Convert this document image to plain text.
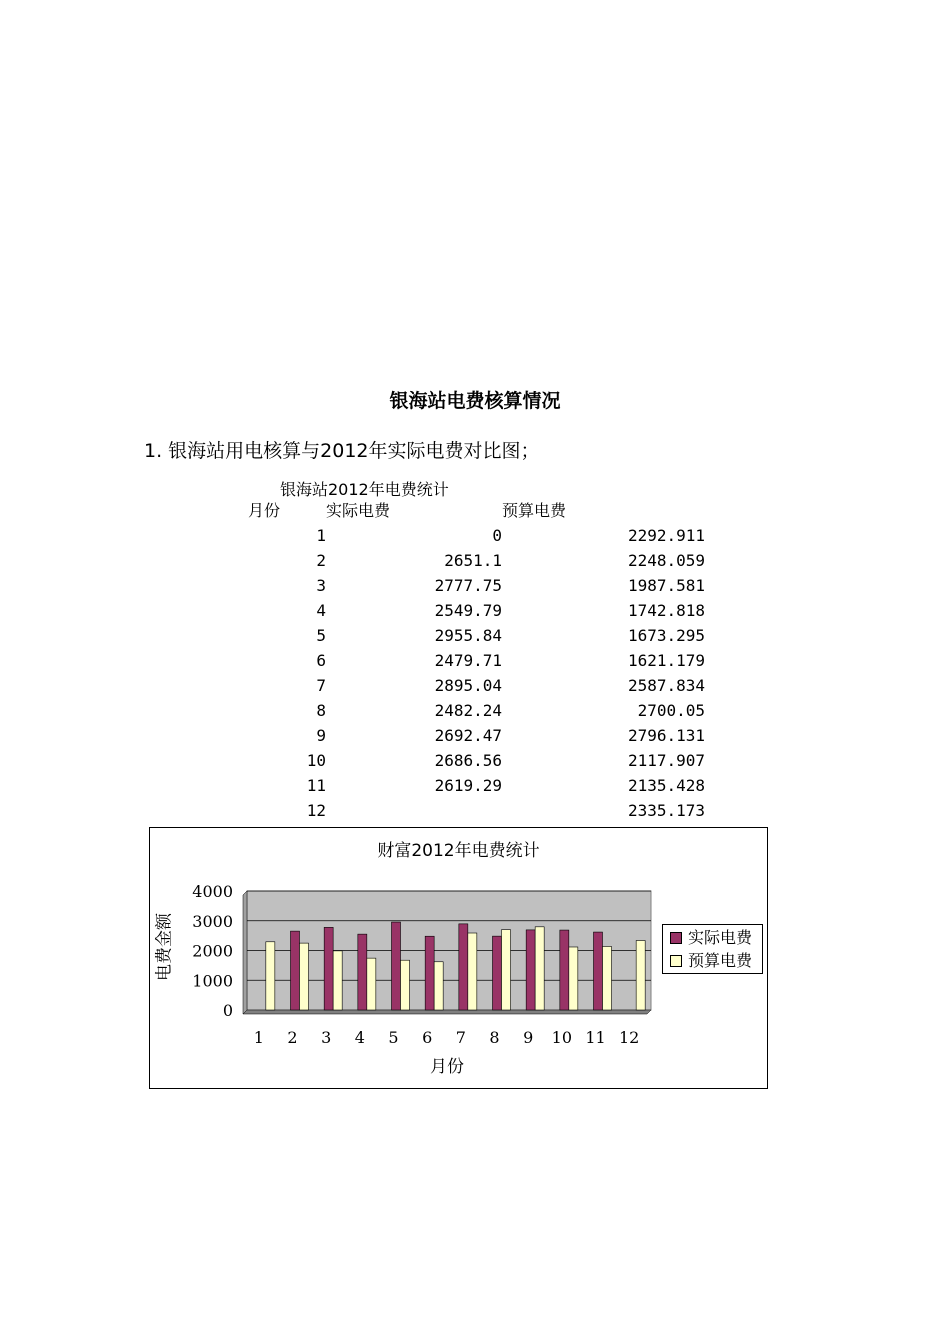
银海站电费核算情况
1. 银海站用电核算与2012年实际电费对比图；
银海站2012年电费统计
月份	实际电费	预算电费
1	0	2292.911
2	2651.1	2248.059
3	2777.75	1987.581
4	2549.79	1742.818
5	2955.84	1673.295
6	2479.71	1621.179
7	2895.04	2587.834
8	2482.24	2700.05
9	2692.47	2796.131
10	2686.56	2117.907
11	2619.29	2135.428
12		2335.173
财富2012年电费统计
0
1000
2000
3000
4000
1 2 3 4 5 6 7 8 9 10 11 12
电费金额
月份
实际电费
预算电费
